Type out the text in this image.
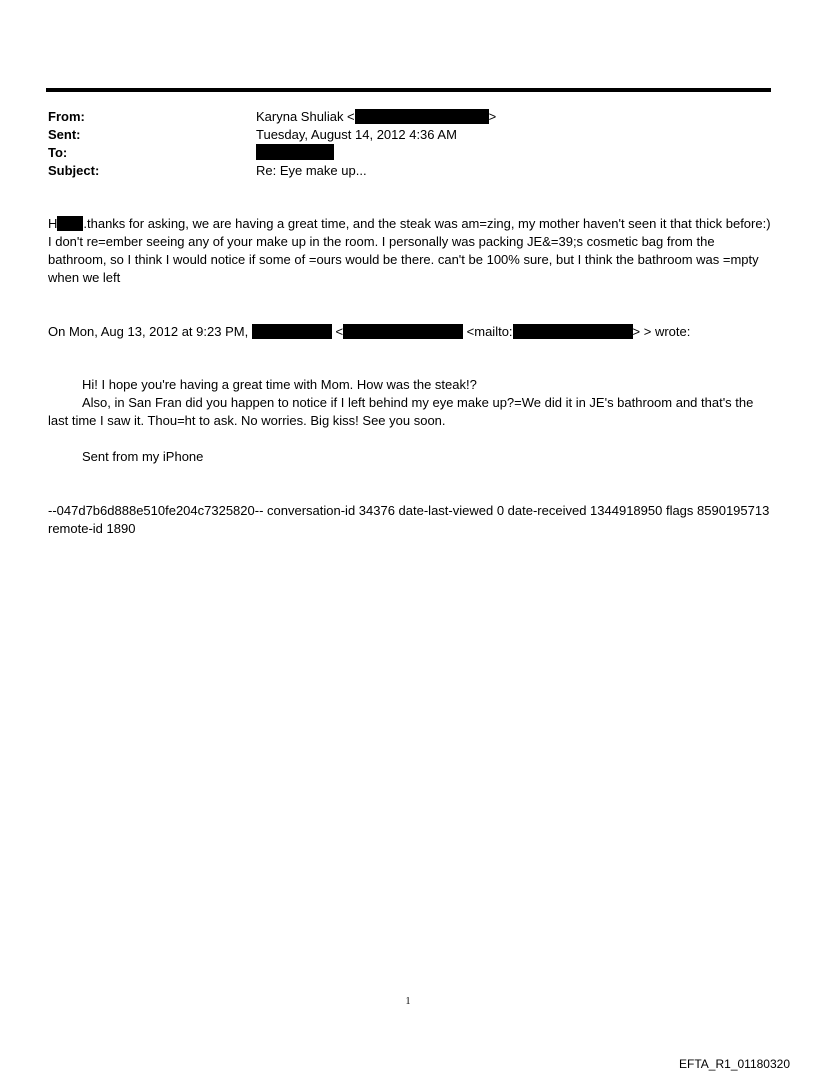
From:	Karyna Shuliak <	>
Sent:	Tuesday, August 14, 2012 4:36 AM
To:
Subject:	Re: Eye make up...
H .thanks for asking, we are having a great time, and the steak was am=zing, my mother haven't seen it that thick before:) I don't re=ember seeing any of your make up in the room. I personally was packing JE&=39;s cosmetic bag from the bathroom, so I think I would notice if some of =ours would be there. can't be 100% sure, but I think the bathroom was =mpty when we left
On Mon, Aug 13, 2012 at 9:23 PM,	<	<mailto:	> > wrote:
Hi! I hope you're having a great time with Mom. How was the steak!?
Also, in San Fran did you happen to notice if I left behind my eye make up?=We did it in JE's bathroom and that's the last time I saw it. Thou=ht to ask. No worries. Big kiss! See you soon.
Sent from my iPhone
--047d7b6d888e510fe204c7325820-- conversation-id 34376 date-last-viewed 0 date-received 1344918950 flags 8590195713 remote-id 1890
1
EFTA_R1_01180320
